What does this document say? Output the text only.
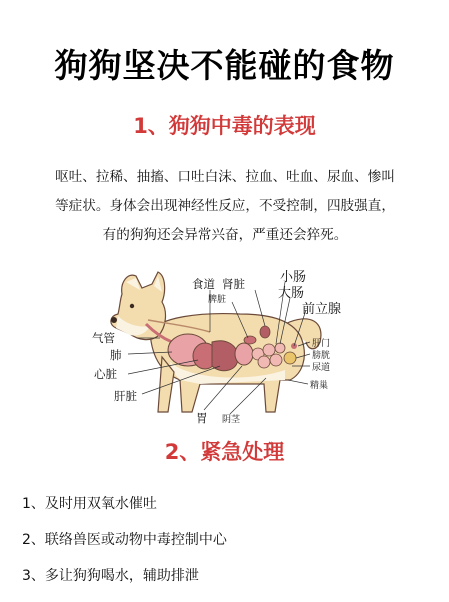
狗狗坚决不能碰的食物
1、狗狗中毒的表现
呕吐、拉稀、抽搐、口吐白沫、拉血、吐血、尿血、惨叫
等症状。身体会出现神经性反应，不受控制，四肢强直，
有的狗狗还会异常兴奋，严重还会猝死。
食道 肾脏
脾脏
小肠
大肠
前立腺
气管
肺
心脏
肝门
膀胱
尿道
精巢
肝脏
胃 阴茎
2、紧急处理
1、及时用双氧水催吐
2、联络兽医或动物中毒控制中心
3、多让狗狗喝水，辅助排泄
